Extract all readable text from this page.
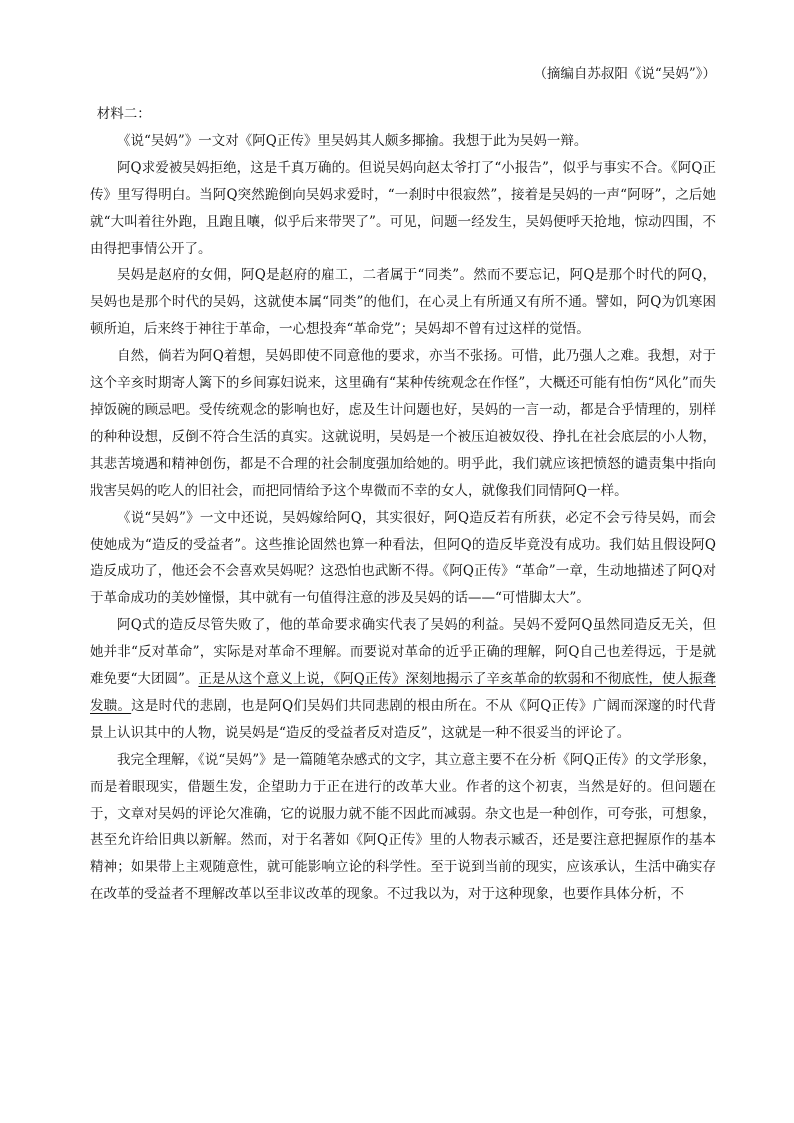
（摘编自苏叔阳《说“吴妈”》）

材料二：

《说“吴妈”》一文对《阿Q正传》里吴妈其人颇多揶揄。我想于此为吴妈一辩。

阿Q求爱被吴妈拒绝，这是千真万确的。但说吴妈向赵太爷打了“小报告”，似乎与事实不合。《阿Q正传》里写得明白。当阿Q突然跪倒向吴妈求爱时，“一刹时中很寂然”，接着是吴妈的一声“阿呀”，之后她就“大叫着往外跑，且跑且嚷，似乎后来带哭了”。可见，问题一经发生，吴妈便呼天抢地，惊动四围，不由得把事情公开了。

吴妈是赵府的女佣，阿Q是赵府的雇工，二者属于“同类”。然而不要忘记，阿Q是那个时代的阿Q，吴妈也是那个时代的吴妈，这就使本属“同类”的他们，在心灵上有所通又有所不通。譬如，阿Q为饥寒困顿所迫，后来终于神往于革命，一心想投奔“革命党”；吴妈却不曾有过这样的觉悟。

自然，倘若为阿Q着想，吴妈即使不同意他的要求，亦当不张扬。可惜，此乃强人之难。我想，对于这个辛亥时期寄人篱下的乡间寡妇说来，这里确有“某种传统观念在作怪”，大概还可能有怕伤“风化”而失掉饭碗的顾忌吧。受传统观念的影响也好，虑及生计问题也好，吴妈的一言一动，都是合乎情理的，别样的种种设想，反倒不符合生活的真实。这就说明，吴妈是一个被压迫被奴役、挣扎在社会底层的小人物，其悲苦境遇和精神创伤，都是不合理的社会制度强加给她的。明乎此，我们就应该把愤怒的谴责集中指向戕害吴妈的吃人的旧社会，而把同情给予这个卑微而不幸的女人，就像我们同情阿Q一样。

《说“吴妈”》一文中还说，吴妈嫁给阿Q，其实很好，阿Q造反若有所获，必定不会亏待吴妈，而会使她成为“造反的受益者”。这些推论固然也算一种看法，但阿Q的造反毕竟没有成功。我们姑且假设阿Q造反成功了，他还会不会喜欢吴妈呢？这恐怕也武断不得。《阿Q正传》“革命”一章，生动地描述了阿Q对于革命成功的美妙憧憬，其中就有一句值得注意的涉及吴妈的话——“可惜脚太大”。

阿Q式的造反尽管失败了，他的革命要求确实代表了吴妈的利益。吴妈不爱阿Q虽然同造反无关，但她并非“反对革命”，实际是对革命不理解。而要说对革命的近乎正确的理解，阿Q自己也差得远，于是就难免要“大团圆”。正是从这个意义上说，《阿Q正传》深刻地揭示了辛亥革命的软弱和不彻底性，使人振聋发聩。这是时代的悲剧，也是阿Q们吴妈们共同悲剧的根由所在。不从《阿Q正传》广阔而深邃的时代背景上认识其中的人物，说吴妈是“造反的受益者反对造反”，这就是一种不很妥当的评论了。

我完全理解，《说“吴妈”》是一篇随笔杂感式的文字，其立意主要不在分析《阿Q正传》的文学形象，而是着眼现实，借题生发，企望助力于正在进行的改革大业。作者的这个初衷，当然是好的。但问题在于，文章对吴妈的评论欠准确，它的说服力就不能不因此而减弱。杂文也是一种创作，可夸张，可想象，甚至允许给旧典以新解。然而，对于名著如《阿Q正传》里的人物表示臧否，还是要注意把握原作的基本精神；如果带上主观随意性，就可能影响立论的科学性。至于说到当前的现实，应该承认，生活中确实存在改革的受益者不理解改革以至非议改革的现象。不过我以为，对于这种现象，也要作具体分析，不
